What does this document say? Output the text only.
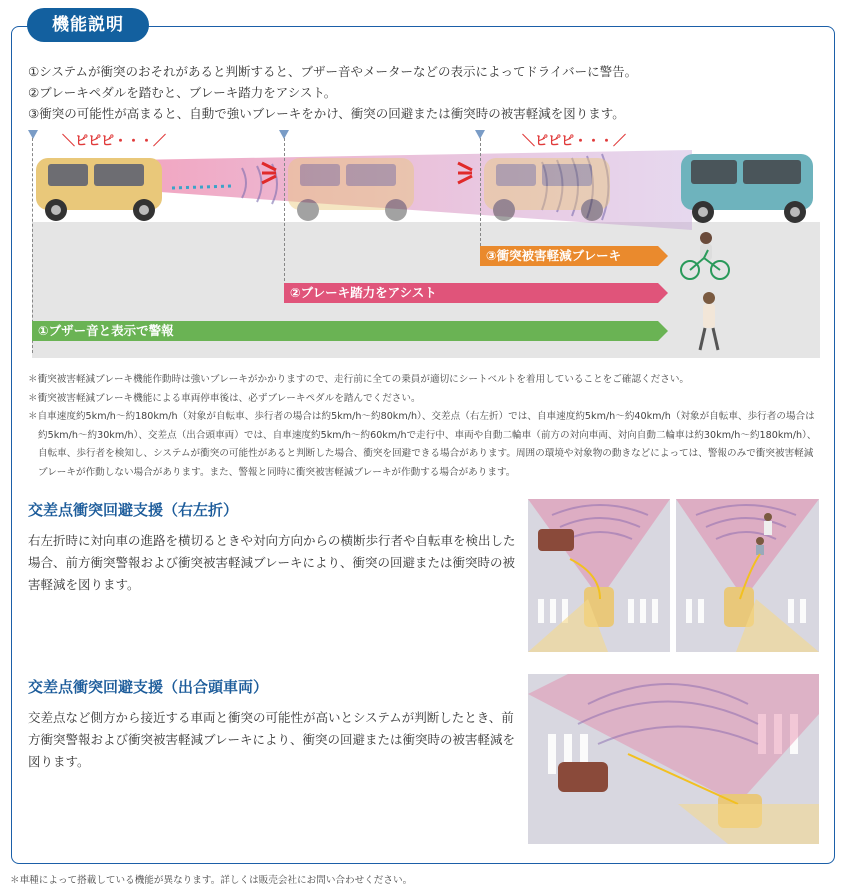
機能説明
①システムが衝突のおそれがあると判断すると、ブザー音やメーターなどの表示によってドライバーに警告。
②ブレーキペダルを踏むと、ブレーキ踏力をアシスト。
③衝突の可能性が高まると、自動で強いブレーキをかけ、衝突の回避または衝突時の被害軽減を図ります。
＼ピピピ・・・／	＼ピピピ・・・／
③衝突被害軽減ブレーキ
②ブレーキ踏力をアシスト
①ブザー音と表示で警報
＊衝突被害軽減ブレーキ機能作動時は強いブレーキがかかりますので、走行前に全ての乗員が適切にシートベルトを着用していることをご確認ください。
＊衝突被害軽減ブレーキ機能による車両停車後は、必ずブレーキペダルを踏んでください。
＊自車速度約5km/h〜約180km/h（対象が自転車、歩行者の場合は約5km/h〜約80km/h）、交差点（右左折）では、自車速度約5km/h〜約40km/h（対象が自転車、歩行者の場合は約5km/h〜約30km/h）、交差点（出合頭車両）では、自車速度約5km/h〜約60km/hで走行中、車両や自動二輪車（前方の対向車両、対向自動二輪車は約30km/h〜約180km/h）、自転車、歩行者を検知し、システムが衝突の可能性があると判断した場合、衝突を回避できる場合があります。周囲の環境や対象物の動きなどによっては、警報のみで衝突被害軽減ブレーキが作動しない場合があります。また、警報と同時に衝突被害軽減ブレーキが作動する場合があります。
交差点衝突回避支援（右左折）
右左折時に対向車の進路を横切るときや対向方向からの横断歩行者や自転車を検出した場合、前方衝突警報および衝突被害軽減ブレーキにより、衝突の回避または衝突時の被害軽減を図ります。
交差点衝突回避支援（出合頭車両）
交差点など側方から接近する車両と衝突の可能性が高いとシステムが判断したとき、前方衝突警報および衝突被害軽減ブレーキにより、衝突の回避または衝突時の被害軽減を図ります。
＊車種によって搭載している機能が異なります。詳しくは販売会社にお問い合わせください。
